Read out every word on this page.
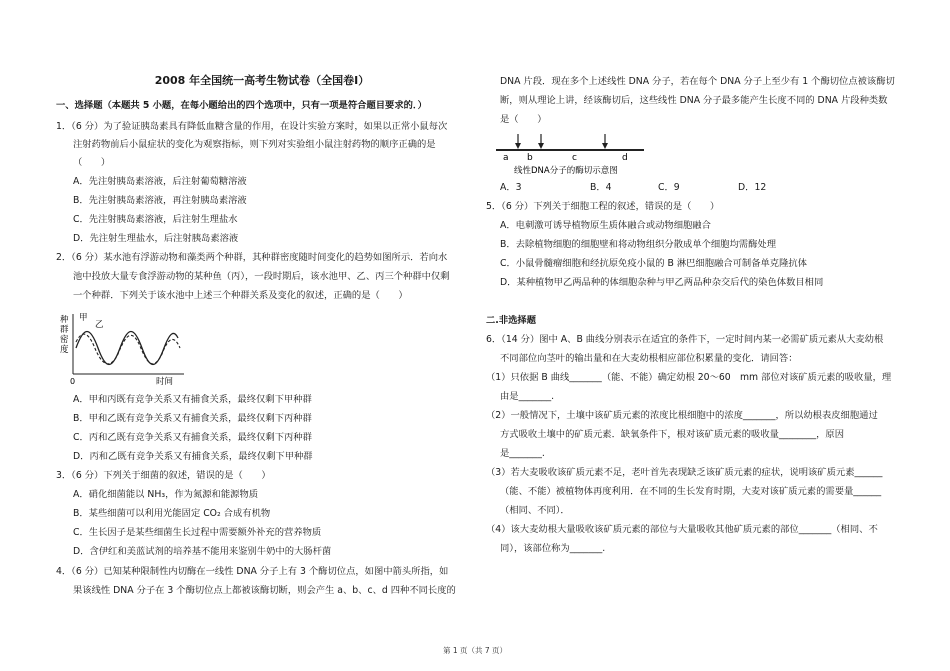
2008 年全国统一高考生物试卷（全国卷Ⅰ）
一、选择题（本题共 5 小题，在每小题给出的四个选项中，只有一项是符合题目要求的．）
1．（6 分）为了验证胰岛素具有降低血糖含量的作用，在设计实验方案时，如果以正常小鼠每次
注射药物前后小鼠症状的变化为观察指标，则下列对实验组小鼠注射药物的顺序正确的是
（　　）
A．先注射胰岛素溶液，后注射葡萄糖溶液
B．先注射胰岛素溶液，再注射胰岛素溶液
C．先注射胰岛素溶液，后注射生理盐水
D．先注射生理盐水，后注射胰岛素溶液
2．（6 分）某水池有浮游动物和藻类两个种群，其种群密度随时间变化的趋势如图所示．若向水
池中投放大量专食浮游动物的某种鱼（丙），一段时期后，该水池甲、乙、丙三个种群中仅剩
一个种群．下列关于该水池中上述三个种群关系及变化的叙述，正确的是（　　）
种
群
密
度
0	时间
甲
乙
A．甲和丙既有竞争关系又有捕食关系，最终仅剩下甲种群
B．甲和乙既有竞争关系又有捕食关系，最终仅剩下丙种群
C．丙和乙既有竞争关系又有捕食关系，最终仅剩下丙种群
D．丙和乙既有竞争关系又有捕食关系，最终仅剩下甲种群
3．（6 分）下列关于细菌的叙述，错误的是（　　）
A．硝化细菌能以 NH₃，作为氮源和能源物质
B．某些细菌可以利用光能固定 CO₂ 合成有机物
C．生长因子是某些细菌生长过程中需要额外补充的营养物质
D．含伊红和美蓝试剂的培养基不能用来鉴别牛奶中的大肠杆菌
4．（6 分）已知某种限制性内切酶在一线性 DNA 分子上有 3 个酶切位点，如图中箭头所指，如
果该线性 DNA 分子在 3 个酶切位点上都被该酶切断，则会产生 a、b、c、d 四种不同长度的
DNA 片段．现在多个上述线性 DNA 分子，若在每个 DNA 分子上至少有 1 个酶切位点被该酶切
断，则从理论上讲，经该酶切后，这些线性 DNA 分子最多能产生长度不同的 DNA 片段种类数
是（　　）
a b	c	d
线性DNA分子的酶切示意图
A．3	B．4	C．9	D．12
5．（6 分）下列关于细胞工程的叙述，错误的是（　　）
A．电刺激可诱导植物原生质体融合或动物细胞融合
B．去除植物细胞的细胞壁和将动物组织分散成单个细胞均需酶处理
C．小鼠骨髓瘤细胞和经抗原免疫小鼠的 B 淋巴细胞融合可制备单克隆抗体
D．某种植物甲乙两品种的体细胞杂种与甲乙两品种杂交后代的染色体数目相同
二.非选择题
6．（14 分）图中 A、B 曲线分别表示在适宜的条件下，一定时间内某一必需矿质元素从大麦幼根
不同部位向茎叶的输出量和在大麦幼根相应部位积累量的变化．请回答：
（1）只依据 B 曲线_______（能、不能）确定幼根 20～60　mm 部位对该矿质元素的吸收量，理
由是_______.
（2）一般情况下，土壤中该矿质元素的浓度比根细胞中的浓度_______，所以幼根表皮细胞通过
方式吸收土壤中的矿质元素．缺氧条件下，根对该矿质元素的吸收量________，原因
是_______.
（3）若大麦吸收该矿质元素不足，老叶首先表现缺乏该矿质元素的症状，说明该矿质元素______
（能、不能）被植物体再度利用．在不同的生长发育时期，大麦对该矿质元素的需要量______
（相同、不同）．
（4）该大麦幼根大量吸收该矿质元素的部位与大量吸收其他矿质元素的部位_______（相同、不
同），该部位称为_______.
第 1 页（共 7 页）
